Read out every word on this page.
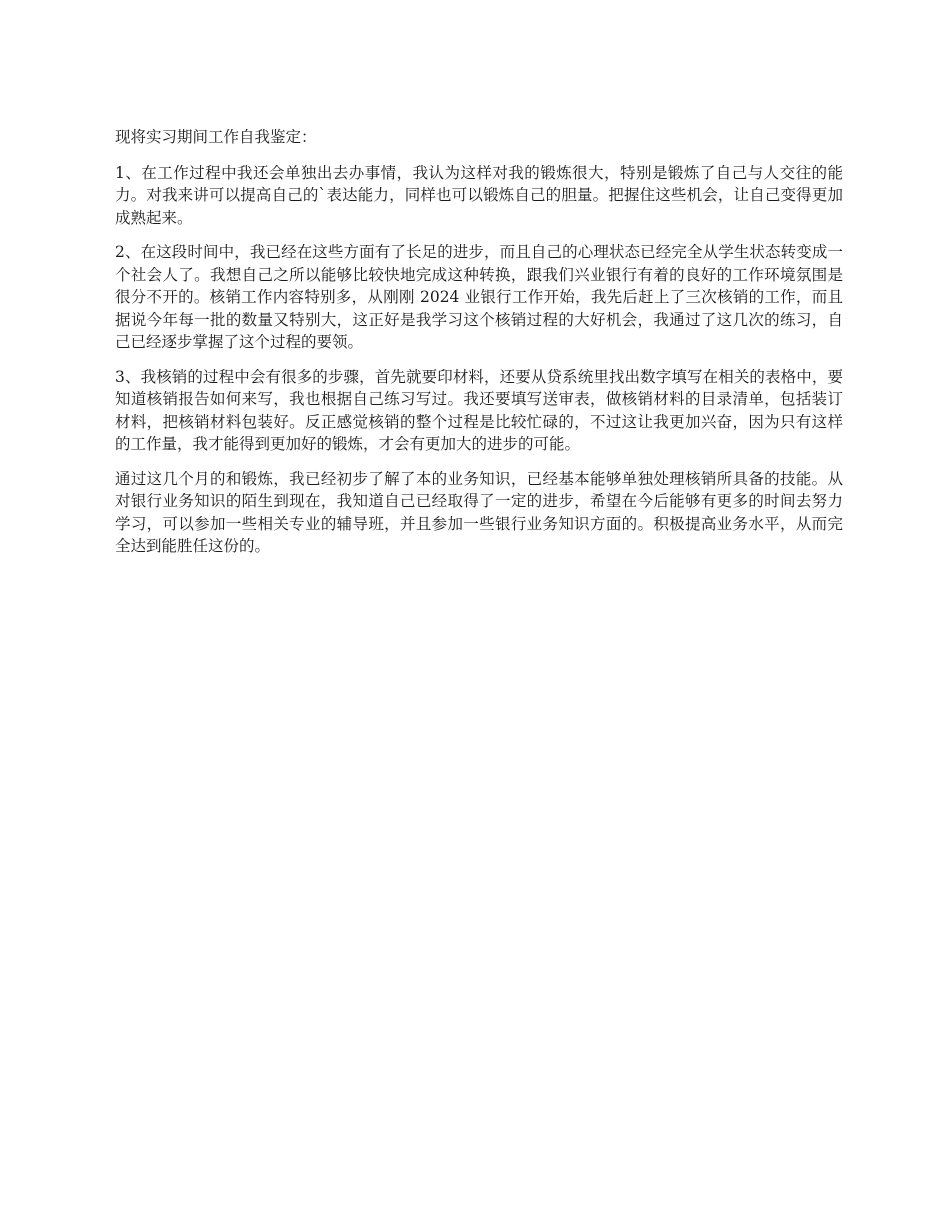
现将实习期间工作自我鉴定：

1、在工作过程中我还会单独出去办事情，我认为这样对我的锻炼很大，特别是锻炼了自己与人交往的能力。对我来讲可以提高自己的`表达能力，同样也可以锻炼自己的胆量。把握住这些机会，让自己变得更加成熟起来。

2、在这段时间中，我已经在这些方面有了长足的进步，而且自己的心理状态已经完全从学生状态转变成一个社会人了。我想自己之所以能够比较快地完成这种转换，跟我们兴业银行有着的良好的工作环境氛围是很分不开的。核销工作内容特别多，从刚刚 2024 业银行工作开始，我先后赶上了三次核销的工作，而且据说今年每一批的数量又特别大，这正好是我学习这个核销过程的大好机会，我通过了这几次的练习，自己已经逐步掌握了这个过程的要领。

3、我核销的过程中会有很多的步骤，首先就要印材料，还要从贷系统里找出数字填写在相关的表格中，要知道核销报告如何来写，我也根据自己练习写过。我还要填写送审表，做核销材料的目录清单，包括装订材料，把核销材料包装好。反正感觉核销的整个过程是比较忙碌的，不过这让我更加兴奋，因为只有这样的工作量，我才能得到更加好的锻炼，才会有更加大的进步的可能。

通过这几个月的和锻炼，我已经初步了解了本的业务知识，已经基本能够单独处理核销所具备的技能。从对银行业务知识的陌生到现在，我知道自己已经取得了一定的进步，希望在今后能够有更多的时间去努力学习，可以参加一些相关专业的辅导班，并且参加一些银行业务知识方面的。积极提高业务水平，从而完全达到能胜任这份的。
